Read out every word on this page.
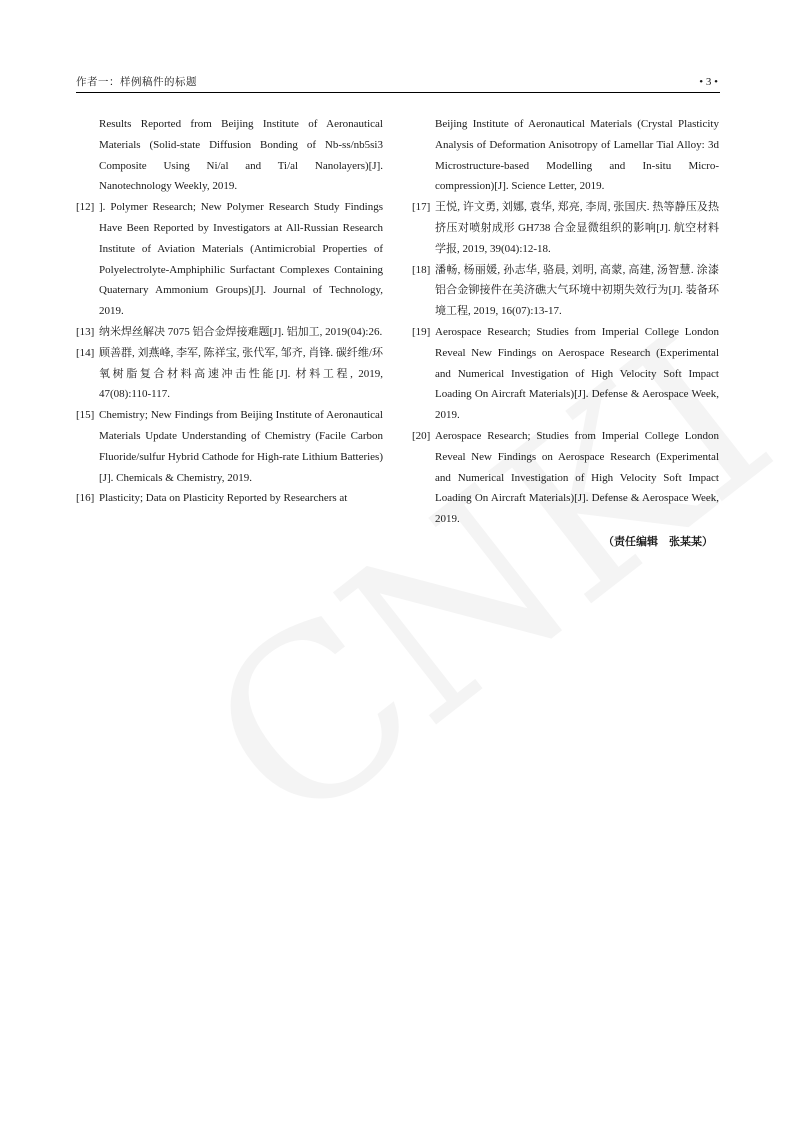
作者一：样例稿件的标题	• 3 •
Results Reported from Beijing Institute of Aeronautical Materials (Solid-state Diffusion Bonding of Nb-ss/nb5si3 Composite Using Ni/al and Ti/al Nanolayers)[J]. Nanotechnology Weekly, 2019.
[12] ]. Polymer Research; New Polymer Research Study Findings Have Been Reported by Investigators at All-Russian Research Institute of Aviation Materials (Antimicrobial Properties of Polyelectrolyte-Amphiphilic Surfactant Complexes Containing Quaternary Ammonium Groups)[J]. Journal of Technology, 2019.
[13] 纳米焊丝解决 7075 铝合金焊接难题[J]. 铝加工, 2019(04):26.
[14] 顾善群, 刘燕峰, 李军, 陈祥宝, 张代军, 邹齐, 肖锋. 碳纤维/环氧树脂复合材料高速冲击性能[J]. 材料工程, 2019, 47(08):110-117.
[15] Chemistry; New Findings from Beijing Institute of Aeronautical Materials Update Understanding of Chemistry (Facile Carbon Fluoride/sulfur Hybrid Cathode for High-rate Lithium Batteries)[J]. Chemicals & Chemistry, 2019.
[16] Plasticity; Data on Plasticity Reported by Researchers at
Beijing Institute of Aeronautical Materials (Crystal Plasticity Analysis of Deformation Anisotropy of Lamellar Tial Alloy: 3d Microstructure-based Modelling and In-situ Micro-compression)[J]. Science Letter, 2019.
[17] 王悦, 许文勇, 刘娜, 袁华, 郑亮, 李周, 张国庆. 热等静压及热挤压对喷射成形 GH738 合金显微组织的影响[J]. 航空材料学报, 2019, 39(04):12-18.
[18] 潘畅, 杨丽媛, 孙志华, 骆晨, 刘明, 高蒙, 高建, 汤智慧. 涂漆铝合金铆接件在美济礁大气环境中初期失效行为[J]. 装备环境工程, 2019, 16(07):13-17.
[19] Aerospace Research; Studies from Imperial College London Reveal New Findings on Aerospace Research (Experimental and Numerical Investigation of High Velocity Soft Impact Loading On Aircraft Materials)[J]. Defense & Aerospace Week, 2019.
[20] Aerospace Research; Studies from Imperial College London Reveal New Findings on Aerospace Research (Experimental and Numerical Investigation of High Velocity Soft Impact Loading On Aircraft Materials)[J]. Defense & Aerospace Week, 2019.
（责任编辑　张某某）
